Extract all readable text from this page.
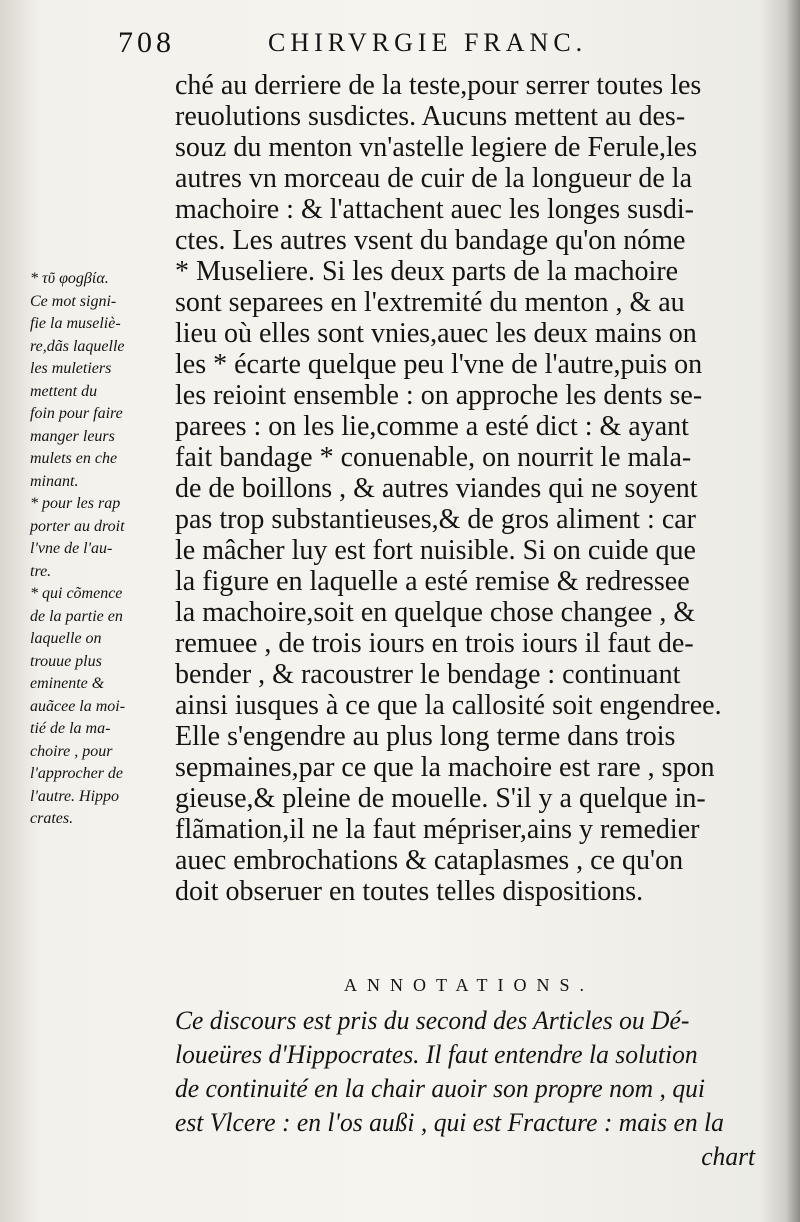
708	CHIRVRGIE FRANC.
ché au derriere de la teste,pour serrer toutes les
reuolutions susdictes. Aucuns mettent au des-
souz du menton vn'astelle legiere de Ferule,les
autres vn morceau de cuir de la longueur de la
machoire : & l'attachent auec les longes susdi-
ctes. Les autres vsent du bandage qu'on nóme
* Museliere. Si les deux parts de la machoire
sont separees en l'extremité du menton , & au
lieu où elles sont vnies,auec les deux mains on
les * écarte quelque peu l'vne de l'autre,puis on
les reioint ensemble : on approche les dents se-
parees : on les lie,comme a esté dict : & ayant
fait bandage * conuenable, on nourrit le mala-
de de boillons , & autres viandes qui ne soyent
pas trop substantieuses,& de gros aliment : car
le mâcher luy est fort nuisible. Si on cuide que
la figure en laquelle a esté remise & redressee
la machoire,soit en quelque chose changee , &
remuee , de trois iours en trois iours il faut de-
bender , & racoustrer le bendage : continuant
ainsi iusques à ce que la callosité soit engendree.
Elle s'engendre au plus long terme dans trois
sepmaines,par ce que la machoire est rare , spon
gieuse,& pleine de mouelle. S'il y a quelque in-
flãmation,il ne la faut mépriser,ains y remedier
auec embrochations & cataplasmes , ce qu'on
doit obseruer en toutes telles dispositions.
* τῦ φοgβία.
Ce mot signi-
fie la museliè-
re,dãs laquelle
les muletiers
mettent du
foin pour faire
manger leurs
mulets en che
minant.
* pour les rap
porter au droit
l'vne de l'au-
tre.
* qui cõmence
de la partie en
laquelle on
trouue plus
eminente &
auãcee la moi-
tié de la ma-
choire , pour
l'approcher de
l'autre. Hippo
crates.
ANNOTATIONS.
Ce discours est pris du second des Articles ou Dé-
loueüres d'Hippocrates. Il faut entendre la solution
de continuité en la chair auoir son propre nom , qui
est Vlcere : en l'os außi , qui est Fracture : mais en la
chart
